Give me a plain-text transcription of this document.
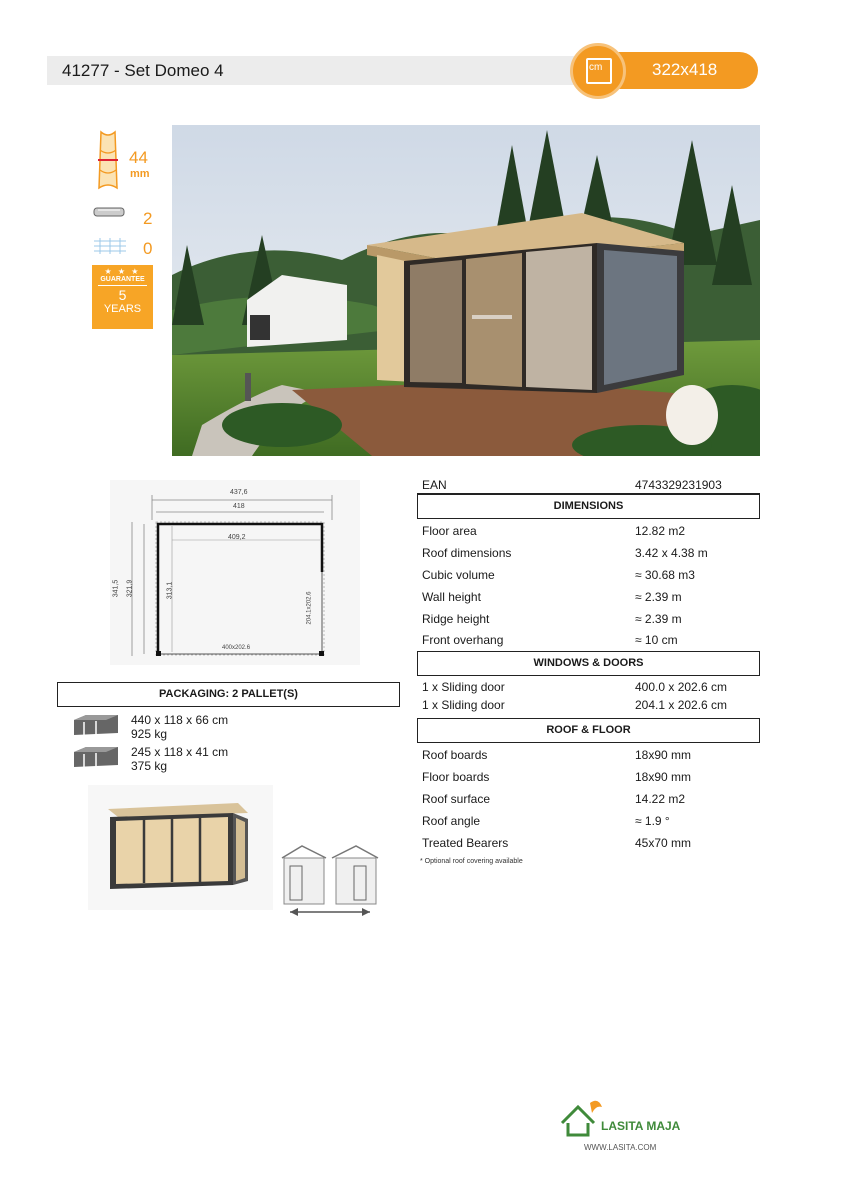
41277 - Set Domeo 4	cm	322x418
44
mm
2
0
★ ★ ★
GUARANTEE
5
YEARS
437,6
418
409,2
341,5 321,9	313,1
400x202.6
204.1x202.6
PACKAGING: 2 PALLET(S)
440 x 118 x 66 cm
925 kg
245 x 118 x 41 cm
375 kg
EAN	4743329231903
DIMENSIONS
Floor area	12.82 m2
Roof dimensions	3.42 x 4.38 m
Cubic volume	≈ 30.68 m3
Wall height	≈ 2.39 m
Ridge height	≈ 2.39 m
Front overhang	≈ 10 cm
WINDOWS & DOORS
1 x Sliding door	400.0 x 202.6 cm
1 x Sliding door	204.1 x 202.6 cm
ROOF & FLOOR
Roof boards	18x90 mm
Floor boards	18x90 mm
Roof surface	14.22 m2
Roof angle	≈ 1.9 °
Treated Bearers	45x70 mm
* Optional roof covering available
LASITA MAJA
WWW.LASITA.COM
